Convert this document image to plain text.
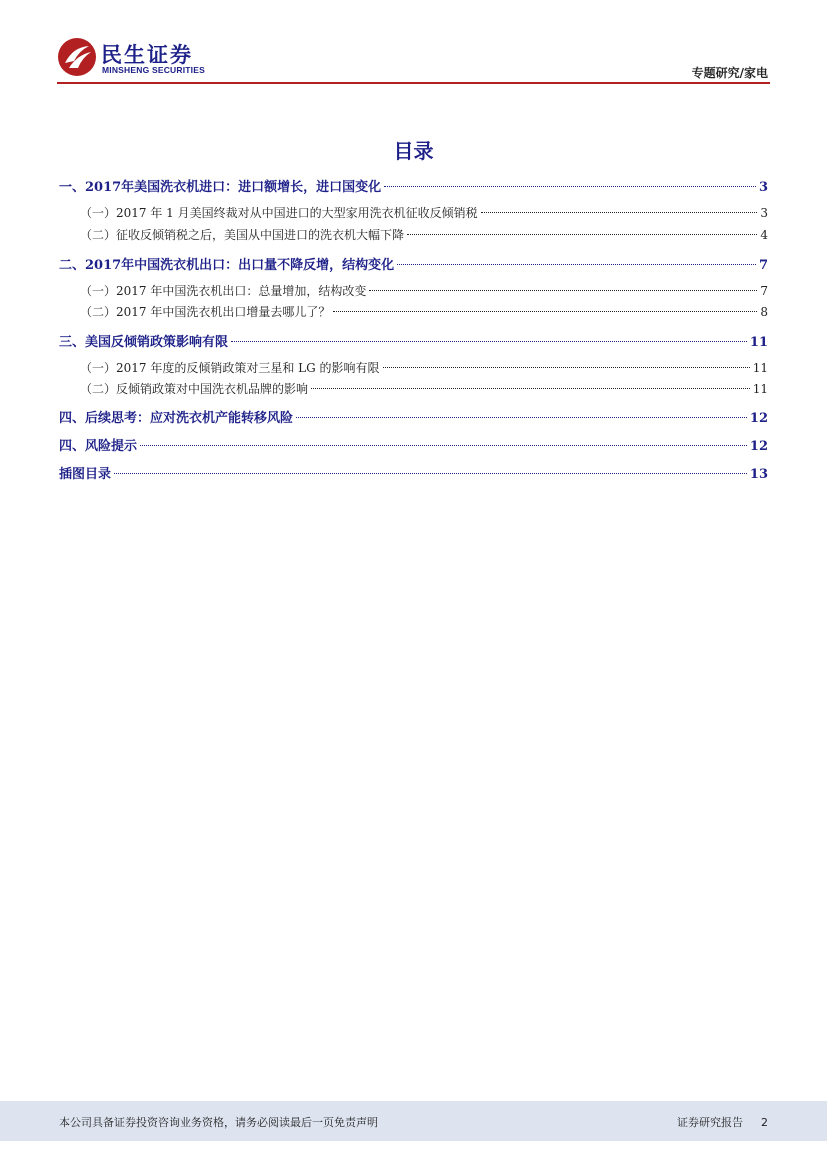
民生证券
MINSHENG SECURITIES	专题研究/家电
目录
一、2017年美国洗衣机进口：进口额增长，进口国变化	3
（一）2017 年 1 月美国终裁对从中国进口的大型家用洗衣机征收反倾销税	3
（二）征收反倾销税之后，美国从中国进口的洗衣机大幅下降	4
二、2017年中国洗衣机出口：出口量不降反增，结构变化	7
（一）2017 年中国洗衣机出口：总量增加，结构改变	7
（二）2017 年中国洗衣机出口增量去哪儿了？	8
三、美国反倾销政策影响有限	11
（一）2017 年度的反倾销政策对三星和 LG 的影响有限	11
（二）反倾销政策对中国洗衣机品牌的影响	11
四、后续思考：应对洗衣机产能转移风险	12
四、风险提示	12
插图目录	13
本公司具备证券投资咨询业务资格，请务必阅读最后一页免责声明	证券研究报告 2
